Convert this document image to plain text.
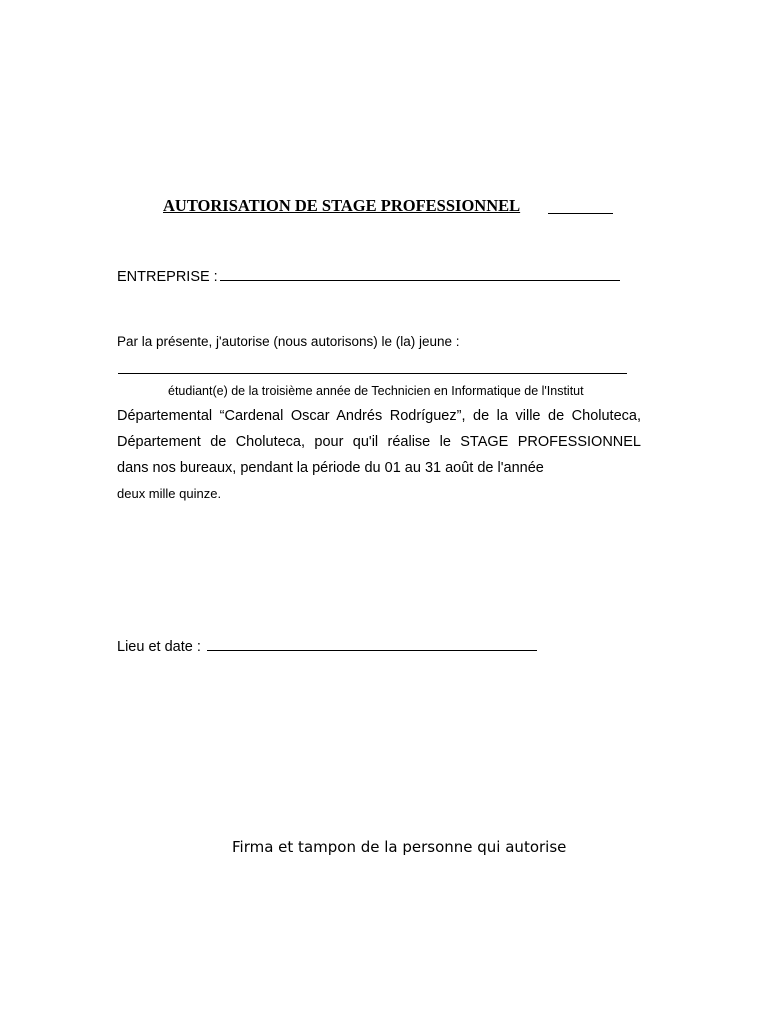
AUTORISATION DE STAGE PROFESSIONNEL
ENTREPRISE :
Par la présente, j'autorise (nous autorisons) le (la) jeune :
étudiant(e) de la troisième année de Technicien en Informatique de l'Institut
Départemental “Cardenal Oscar Andrés Rodríguez”, de la ville de Choluteca,
Département de Choluteca, pour qu'il réalise le STAGE PROFESSIONNEL
dans nos bureaux, pendant la période du 01 au 31 août de l'année
deux mille quinze.
Lieu et date :
Firma et tampon de la personne qui autorise
